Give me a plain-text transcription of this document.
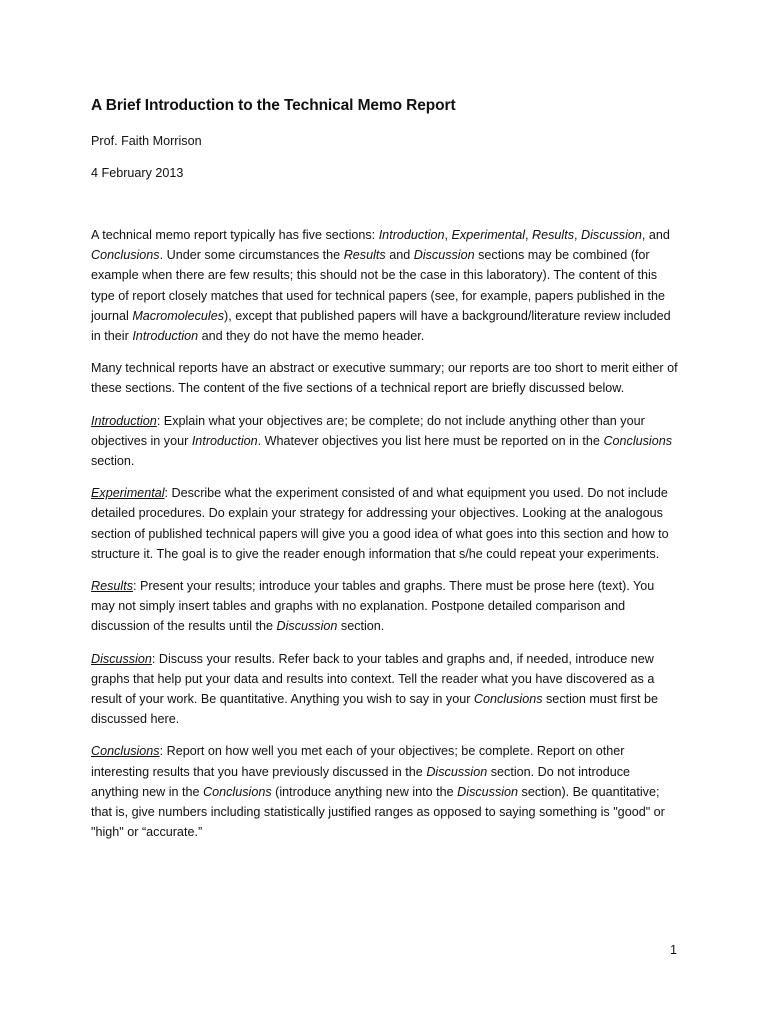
A Brief Introduction to the Technical Memo Report
Prof. Faith Morrison
4 February 2013

A technical memo report typically has five sections: Introduction, Experimental, Results, Discussion, and Conclusions. Under some circumstances the Results and Discussion sections may be combined (for example when there are few results; this should not be the case in this laboratory). The content of this type of report closely matches that used for technical papers (see, for example, papers published in the journal Macromolecules), except that published papers will have a background/literature review included in their Introduction and they do not have the memo header.

Many technical reports have an abstract or executive summary; our reports are too short to merit either of these sections. The content of the five sections of a technical report are briefly discussed below.

Introduction: Explain what your objectives are; be complete; do not include anything other than your objectives in your Introduction. Whatever objectives you list here must be reported on in the Conclusions section.

Experimental: Describe what the experiment consisted of and what equipment you used. Do not include detailed procedures. Do explain your strategy for addressing your objectives. Looking at the analogous section of published technical papers will give you a good idea of what goes into this section and how to structure it. The goal is to give the reader enough information that s/he could repeat your experiments.

Results: Present your results; introduce your tables and graphs. There must be prose here (text). You may not simply insert tables and graphs with no explanation. Postpone detailed comparison and discussion of the results until the Discussion section.

Discussion: Discuss your results. Refer back to your tables and graphs and, if needed, introduce new graphs that help put your data and results into context. Tell the reader what you have discovered as a result of your work. Be quantitative. Anything you wish to say in your Conclusions section must first be discussed here.

Conclusions: Report on how well you met each of your objectives; be complete. Report on other interesting results that you have previously discussed in the Discussion section. Do not introduce anything new in the Conclusions (introduce anything new into the Discussion section). Be quantitative; that is, give numbers including statistically justified ranges as opposed to saying something is "good" or "high" or “accurate.”

1
